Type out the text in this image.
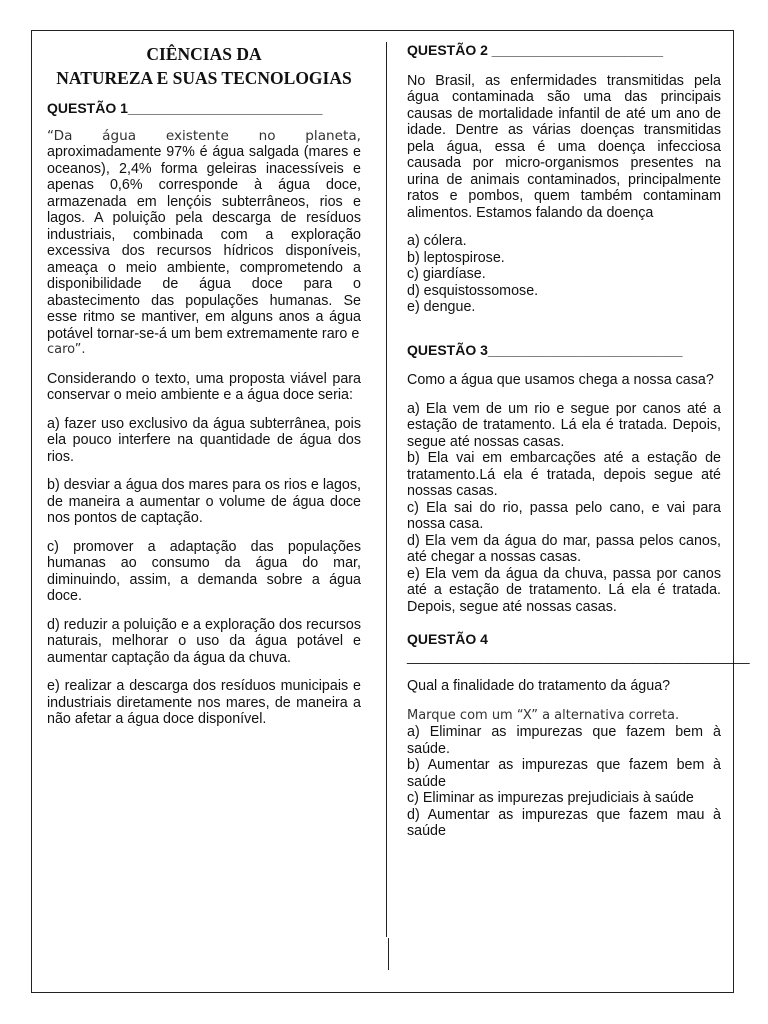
CIÊNCIAS DA
NATUREZA E SUAS TECNOLOGIAS
QUESTÃO 1_________________________

“Da água existente no planeta,

aproximadamente 97% é água salgada (mares e oceanos), 2,4% forma geleiras inacessíveis e apenas 0,6% corresponde à água doce, armazenada em lençóis subterrâneos, rios e lagos. A poluição pela descarga de resíduos industriais, combinada com a exploração excessiva dos recursos hídricos disponíveis, ameaça o meio ambiente, comprometendo a disponibilidade de água doce para o abastecimento das populações humanas. Se esse ritmo se mantiver, em alguns anos a água potável tornar-se-á um bem extremamente raro e

caro”.

Considerando o texto, uma proposta viável para conservar o meio ambiente e a água doce seria:

a) fazer uso exclusivo da água subterrânea, pois ela pouco interfere na quantidade de água dos rios.

b) desviar a água dos mares para os rios e lagos, de maneira a aumentar o volume de água doce nos pontos de captação.

c) promover a adaptação das populações humanas ao consumo da água do mar, diminuindo, assim, a demanda sobre a água doce.

d) reduzir a poluição e a exploração dos recursos naturais, melhorar o uso da água potável e aumentar captação da água da chuva.

e) realizar a descarga dos resíduos municipais e industriais diretamente nos mares, de maneira a não afetar a água doce disponível.

QUESTÃO 2 ______________________

No Brasil, as enfermidades transmitidas pela água contaminada são uma das principais causas de mortalidade infantil de até um ano de idade. Dentre as várias doenças transmitidas pela água, essa é uma doença infecciosa causada por micro-organismos presentes na urina de animais contaminados, principalmente ratos e pombos, quem também contaminam alimentos. Estamos falando da doença

a) cólera.

b) leptospirose.

c) giardíase.

d) esquistossomose.

e) dengue.

QUESTÃO 3_________________________

Como a água que usamos chega a nossa casa?

a) Ela vem de um rio e segue por canos até a estação de tratamento. Lá ela é tratada. Depois, segue até nossas casas.

b) Ela vai em embarcações até a estação de tratamento.Lá ela é tratada, depois segue até nossas casas.

c) Ela sai do rio, passa pelo cano, e vai para nossa casa.

d) Ela vem da água do mar, passa pelos canos, até chegar a nossas casas.

e) Ela vem da água da chuva, passa por canos até a estação de tratamento. Lá ela é tratada. Depois, segue até nossas casas.

QUESTÃO 4
____________________________________________

Qual a finalidade do tratamento da água?

Marque com um “X” a alternativa correta.

a) Eliminar as impurezas que fazem bem à saúde.

b) Aumentar as impurezas que fazem bem à saúde

c) Eliminar as impurezas prejudiciais à saúde

d) Aumentar as impurezas que fazem mau à saúde
